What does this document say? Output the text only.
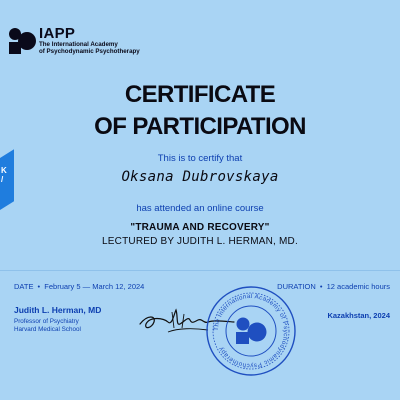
IAPP
The International Academy
of Psychodynamic Psychotherapy
K
/
CERTIFICATE
OF PARTICIPATION
This is to certify that
Oksana Dubrovskaya
has attended an online course
"TRAUMA AND RECOVERY"
LECTURED BY JUDITH L. HERMAN, MD.
DATE • February 5 — March 12, 2024	DURATION • 12 academic hours
Judith L. Herman, MD
Professor of Psychiatry
Harvard Medical School	The International Academy of Psychodynamic Psychotherapy
Kazakhstan, 2024
